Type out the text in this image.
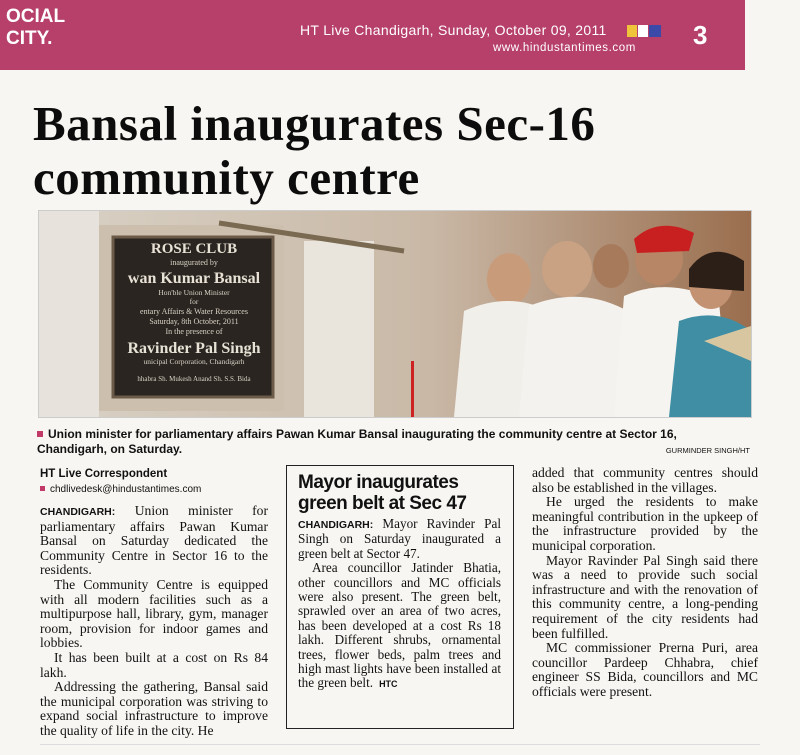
OCIAL
CITY.	HT Live Chandigarh, Sunday, October 09, 2011
www.hindustantimes.com 3
Bansal inaugurates Sec-16 community centre
ROSE CLUB
inaugurated by
wan Kumar Bansal
Hon'ble Union Minister
for
entary Affairs & Water Resources
Saturday, 8th October, 2011
In the presence of
Ravinder Pal Singh
unicipal Corporation, Chandigarh
hhabra Sh. Mukesh Anand Sh. S.S. Bida
Union minister for parliamentary affairs Pawan Kumar Bansal inaugurating the community centre at Sector 16, Chandigarh, on Saturday.	GURMINDER SINGH/HT
HT Live Correspondent
chdlivedesk@hindustantimes.com

CHANDIGARH: Union minister for parliamentary affairs Pawan Kumar Bansal on Saturday dedicated the Community Centre in Sector 16 to the residents.

The Community Centre is equipped with all modern facilities such as a multipurpose hall, library, gym, manager room, provision for indoor games and lobbies.

It has been built at a cost on Rs 84 lakh.

Addressing the gathering, Bansal said the municipal corporation was striving to expand social infrastructure to improve the quality of life in the city. He

Mayor inaugurates green belt at Sec 47

CHANDIGARH: Mayor Ravinder Pal Singh on Saturday inaugurated a green belt at Sector 47.

Area councillor Jatinder Bhatia, other councillors and MC officials were also present. The green belt, sprawled over an area of two acres, has been developed at a cost Rs 18 lakh. Different shrubs, ornamental trees, flower beds, palm trees and high mast lights have been installed at the green belt. HTC

added that community centres should also be established in the villages.

He urged the residents to make meaningful contribution in the upkeep of the infrastructure provided by the municipal corporation.

Mayor Ravinder Pal Singh said there was a need to provide such social infrastructure and with the renovation of this community centre, a long-pending requirement of the city residents had been fulfilled.

MC commissioner Prerna Puri, area councillor Pardeep Chhabra, chief engineer SS Bida, councillors and MC officials were present.
